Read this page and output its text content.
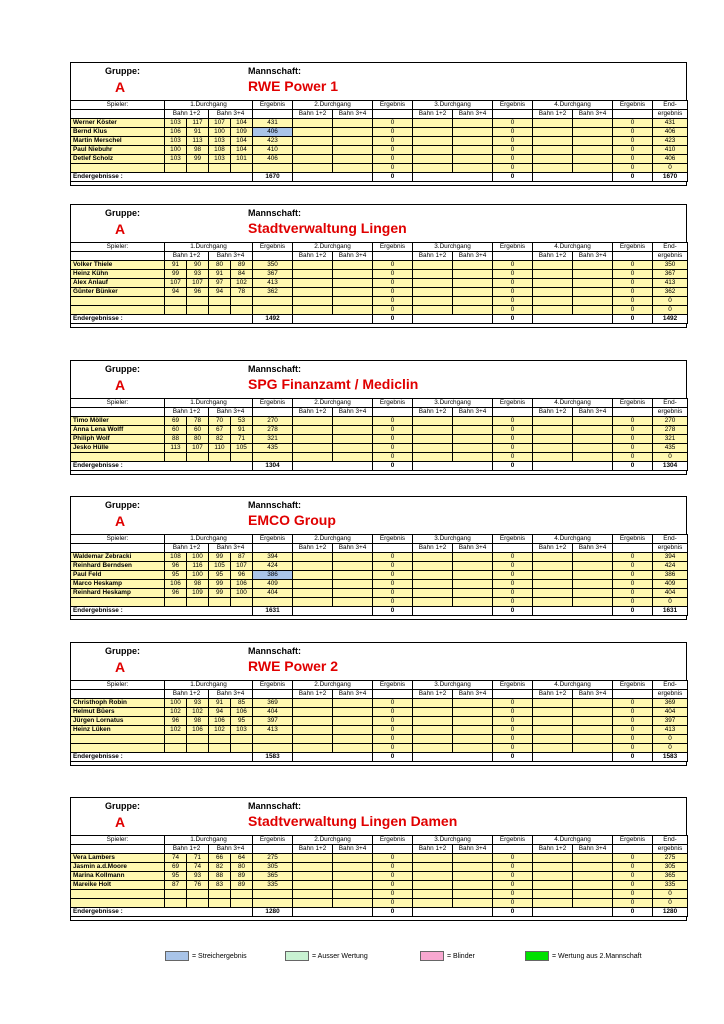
Gruppe:	Mannschaft:
A	RWE Power 1
Spieler:	1.Durchgang				Ergebnis	2.Durchgang		Ergebnis	3.Durchgang		Ergebnis	4.Durchgang		Ergebnis	End-
	Bahn 1+2		Bahn 3+4			Bahn 1+2	Bahn 3+4		Bahn 1+2	Bahn 3+4		Bahn 1+2	Bahn 3+4		ergebnis
Werner Köster	103	117	107	104	431			0			0			0	431
Bernd Klus	106	91	100	109	406			0			0			0	406
Martin Merschel	103	113	103	104	423			0			0			0	423
Paul Niebuhr	100	98	108	104	410			0			0			0	410
Detlef Scholz	103	99	103	101	406			0			0			0	406
								0			0			0	0
Endergebnisse :					1670			0			0			0	1670
Gruppe:	Mannschaft:
A	Stadtverwaltung Lingen
Spieler:	1.Durchgang				Ergebnis	2.Durchgang		Ergebnis	3.Durchgang		Ergebnis	4.Durchgang		Ergebnis	End-
	Bahn 1+2		Bahn 3+4			Bahn 1+2	Bahn 3+4		Bahn 1+2	Bahn 3+4		Bahn 1+2	Bahn 3+4		ergebnis
Volker Thiele	91	90	80	89	350			0			0			0	350
Heinz Kühn	99	93	91	84	367			0			0			0	367
Alex Anlauf	107	107	97	102	413			0			0			0	413
Günter Bünker	94	96	94	78	362			0			0			0	362
								0			0			0	0
								0			0			0	0
Endergebnisse :					1492			0			0			0	1492
Gruppe:	Mannschaft:
A	SPG Finanzamt / Mediclin
Spieler:	1.Durchgang				Ergebnis	2.Durchgang		Ergebnis	3.Durchgang		Ergebnis	4.Durchgang		Ergebnis	End-
	Bahn 1+2		Bahn 3+4			Bahn 1+2	Bahn 3+4		Bahn 1+2	Bahn 3+4		Bahn 1+2	Bahn 3+4		ergebnis
Timo Möller	69	78	70	53	270			0			0			0	270
Anna Lena Wolff	60	60	67	91	278			0			0			0	278
Philiph Wolf	88	80	82	71	321			0			0			0	321
Jesko Hülle	113	107	110	105	435			0			0			0	435
								0			0			0	0
Endergebnisse :					1304			0			0			0	1304
Gruppe:	Mannschaft:
A	EMCO Group
Spieler:	1.Durchgang				Ergebnis	2.Durchgang		Ergebnis	3.Durchgang		Ergebnis	4.Durchgang		Ergebnis	End-
	Bahn 1+2		Bahn 3+4			Bahn 1+2	Bahn 3+4		Bahn 1+2	Bahn 3+4		Bahn 1+2	Bahn 3+4		ergebnis
Waldemar Zebracki	108	100	99	87	394			0			0			0	394
Reinhard Berndsen	96	116	105	107	424			0			0			0	424
Paul Feld	95	100	95	96	386			0			0			0	386
Marco Heskamp	106	98	99	106	409			0			0			0	409
Reinhard Heskamp	96	109	99	100	404			0			0			0	404
								0			0			0	0
Endergebnisse :					1631			0			0			0	1631
Gruppe:	Mannschaft:
A	RWE Power 2
Spieler:	1.Durchgang				Ergebnis	2.Durchgang		Ergebnis	3.Durchgang		Ergebnis	4.Durchgang		Ergebnis	End-
	Bahn 1+2		Bahn 3+4			Bahn 1+2	Bahn 3+4		Bahn 1+2	Bahn 3+4		Bahn 1+2	Bahn 3+4		ergebnis
Christhoph Robin	100	93	91	85	369			0			0			0	369
Helmut Büers	102	102	94	106	404			0			0			0	404
Jürgen Lornatus	96	98	106	95	397			0			0			0	397
Heinz Lüken	102	106	102	103	413			0			0			0	413
								0			0			0	0
								0			0			0	0
Endergebnisse :					1583			0			0			0	1583
Gruppe:	Mannschaft:
A	Stadtverwaltung Lingen Damen
Spieler:	1.Durchgang				Ergebnis	2.Durchgang		Ergebnis	3.Durchgang		Ergebnis	4.Durchgang		Ergebnis	End-
	Bahn 1+2		Bahn 3+4			Bahn 1+2	Bahn 3+4		Bahn 1+2	Bahn 3+4		Bahn 1+2	Bahn 3+4		ergebnis
Vera Lambers	74	71	66	64	275			0			0			0	275
Jasmin a.d.Moore	69	74	82	80	305			0			0			0	305
Marina Kollmann	95	93	88	89	365			0			0			0	365
Mareike Holt	87	76	83	89	335			0			0			0	335
								0			0			0	0
								0			0			0	0
Endergebnisse :					1280			0			0			0	1280
= Streichergebnis	= Ausser Wertung	= Blinder	= Wertung aus 2.Mannschaft
